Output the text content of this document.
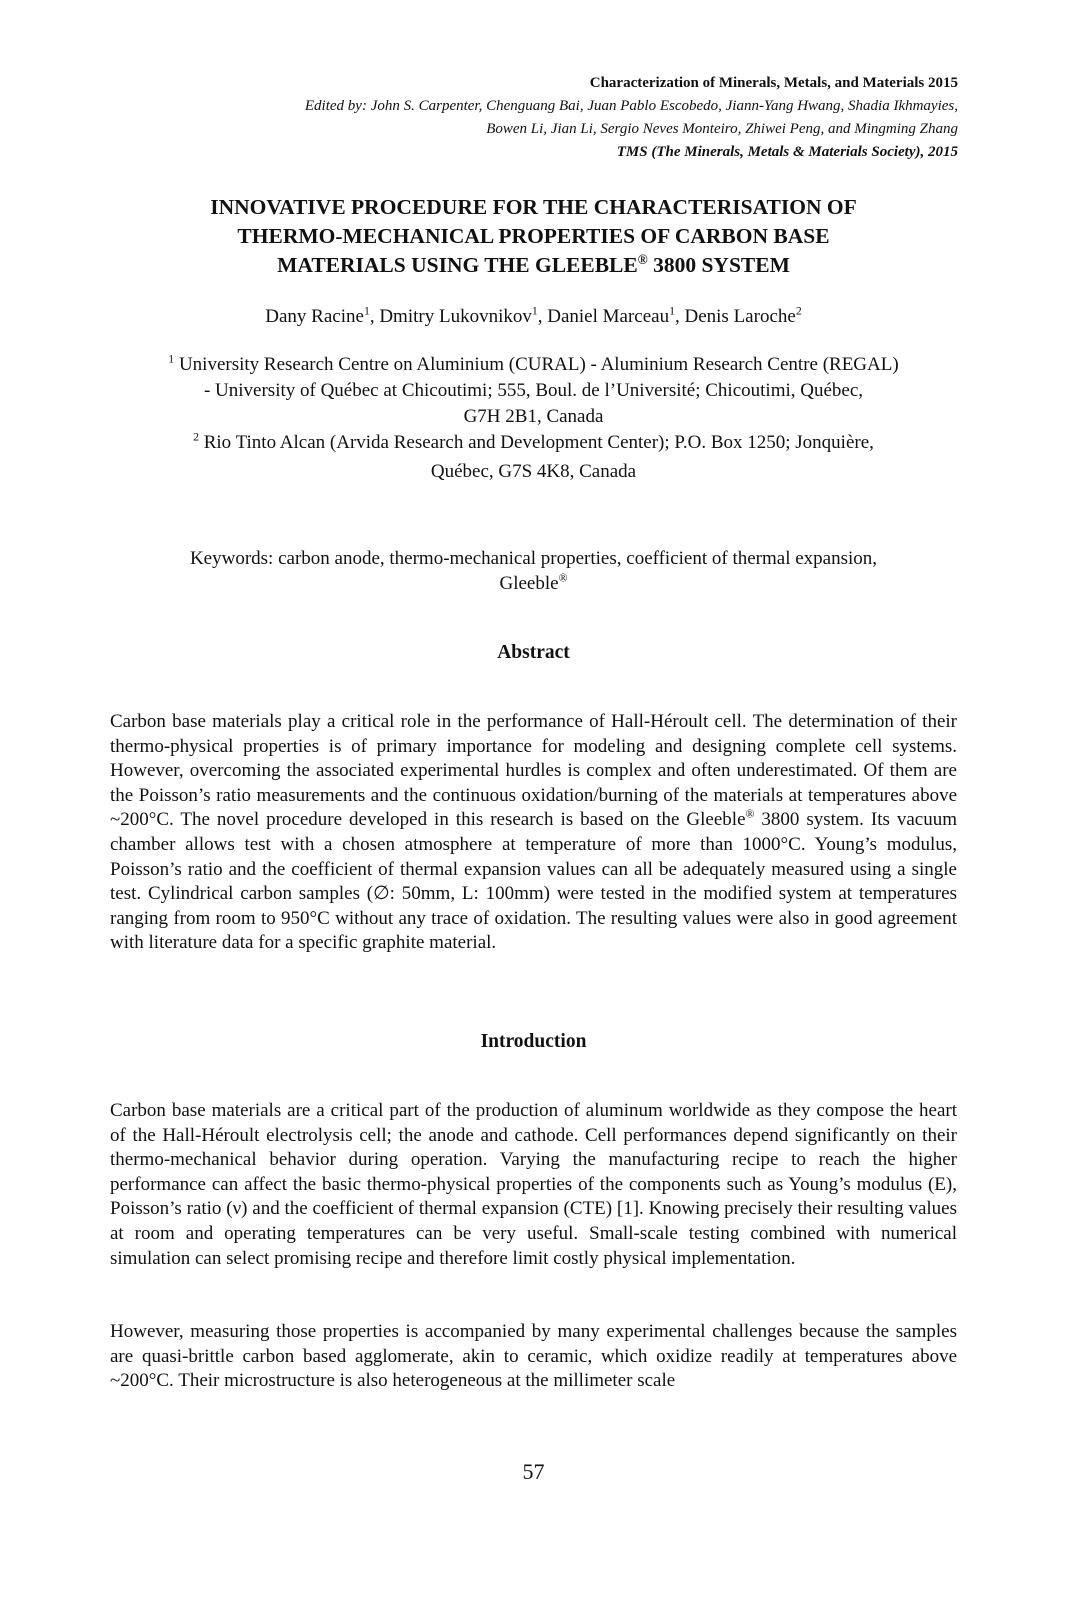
Characterization of Minerals, Metals, and Materials 2015
Edited by: John S. Carpenter, Chenguang Bai, Juan Pablo Escobedo, Jiann-Yang Hwang, Shadia Ikhmayies,
Bowen Li, Jian Li, Sergio Neves Monteiro, Zhiwei Peng, and Mingming Zhang
TMS (The Minerals, Metals & Materials Society), 2015
INNOVATIVE PROCEDURE FOR THE CHARACTERISATION OF
THERMO-MECHANICAL PROPERTIES OF CARBON BASE
MATERIALS USING THE GLEEBLE® 3800 SYSTEM
Dany Racine$^1$, Dmitry Lukovnikov$^1$, Daniel Marceau$^1$, Denis Laroche$^2$
$^1$ University Research Centre on Aluminium (CURAL) - Aluminium Research Centre (REGAL)
- University of Québec at Chicoutimi; 555, Boul. de l’Université; Chicoutimi, Québec,
G7H 2B1, Canada
$^2$ Rio Tinto Alcan (Arvida Research and Development Center); P.O. Box 1250; Jonquière,
Québec, G7S 4K8, Canada
Keywords: carbon anode, thermo-mechanical properties, coefficient of thermal expansion,
Gleeble®
Abstract

Carbon base materials play a critical role in the performance of Hall-Héroult cell. The determination of their thermo-physical properties is of primary importance for modeling and designing complete cell systems. However, overcoming the associated experimental hurdles is complex and often underestimated. Of them are the Poisson’s ratio measurements and the continuous oxidation/burning of the materials at temperatures above ~200°C. The novel procedure developed in this research is based on the Gleeble® 3800 system. Its vacuum chamber allows test with a chosen atmosphere at temperature of more than 1000°C. Young’s modulus, Poisson’s ratio and the coefficient of thermal expansion values can all be adequately measured using a single test. Cylindrical carbon samples (∅: 50mm, L: 100mm) were tested in the modified system at temperatures ranging from room to 950°C without any trace of oxidation. The resulting values were also in good agreement with literature data for a specific graphite material.

Introduction

Carbon base materials are a critical part of the production of aluminum worldwide as they compose the heart of the Hall-Héroult electrolysis cell; the anode and cathode. Cell performances depend significantly on their thermo-mechanical behavior during operation. Varying the manufacturing recipe to reach the higher performance can affect the basic thermo-physical properties of the components such as Young’s modulus (E), Poisson’s ratio (ν) and the coefficient of thermal expansion (CTE) [1]. Knowing precisely their resulting values at room and operating temperatures can be very useful. Small-scale testing combined with numerical simulation can select promising recipe and therefore limit costly physical implementation.

However, measuring those properties is accompanied by many experimental challenges because the samples are quasi-brittle carbon based agglomerate, akin to ceramic, which oxidize readily at temperatures above ~200°C. Their microstructure is also heterogeneous at the millimeter scale

57
